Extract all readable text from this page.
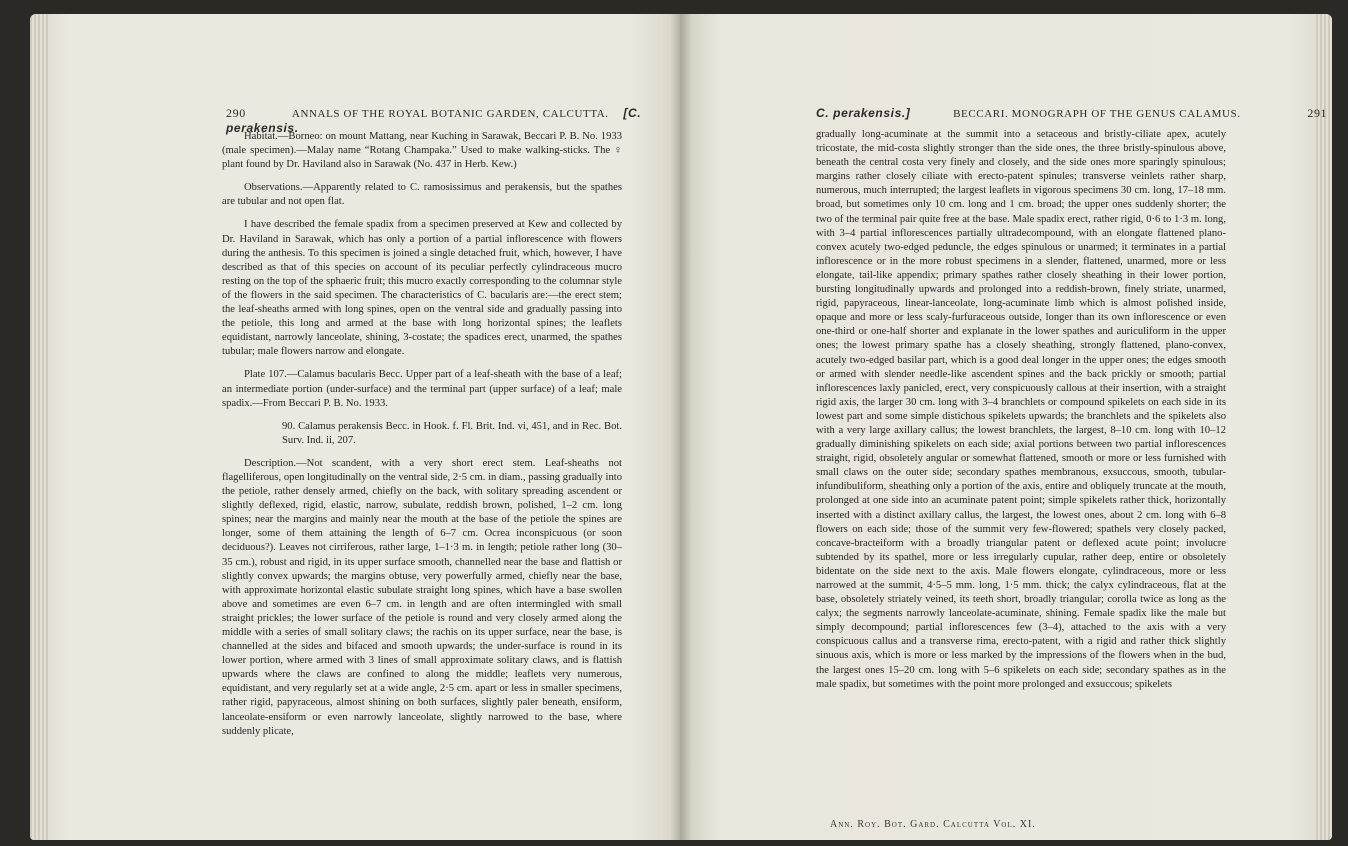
290	ANNALS OF THE ROYAL BOTANIC GARDEN, CALCUTTA. [C. perakensis.

Habitat.—Borneo: on mount Mattang, near Kuching in Sarawak, Beccari P. B. No. 1933 (male specimen).—Malay name “Rotang Champaka.” Used to make walking-sticks. The ♀ plant found by Dr. Haviland also in Sarawak (No. 437 in Herb. Kew.)

Observations.—Apparently related to C. ramosissimus and perakensis, but the spathes are tubular and not open flat.

I have described the female spadix from a specimen preserved at Kew and collected by Dr. Haviland in Sarawak, which has only a portion of a partial inflorescence with flowers during the anthesis. To this specimen is joined a single detached fruit, which, however, I have described as that of this species on account of its peculiar perfectly cylindraceous mucro resting on the top of the sphaeric fruit; this mucro exactly corresponding to the columnar style of the flowers in the said specimen. The characteristics of C. bacularis are:—the erect stem; the leaf-sheaths armed with long spines, open on the ventral side and gradually passing into the petiole, this long and armed at the base with long horizontal spines; the leaflets equidistant, narrowly lanceolate, shining, 3-costate; the spadices erect, unarmed, the spathes tubular; male flowers narrow and elongate.

Plate 107.—Calamus bacularis Becc. Upper part of a leaf-sheath with the base of a leaf; an intermediate portion (under-surface) and the terminal part (upper surface) of a leaf; male spadix.—From Beccari P. B. No. 1933.

90. Calamus perakensis Becc. in Hook. f. Fl. Brit. Ind. vi, 451, and in Rec. Bot. Surv. Ind. ii, 207.

Description.—Not scandent, with a very short erect stem. Leaf-sheaths not flagelliferous, open longitudinally on the ventral side, 2·5 cm. in diam., passing gradually into the petiole, rather densely armed, chiefly on the back, with solitary spreading ascendent or slightly deflexed, rigid, elastic, narrow, subulate, reddish brown, polished, 1–2 cm. long spines; near the margins and mainly near the mouth at the base of the petiole the spines are longer, some of them attaining the length of 6–7 cm. Ocrea inconspicuous (or soon deciduous?). Leaves not cirriferous, rather large, 1–1·3 m. in length; petiole rather long (30–35 cm.), robust and rigid, in its upper surface smooth, channelled near the base and flattish or slightly convex upwards; the margins obtuse, very powerfully armed, chiefly near the base, with approximate horizontal elastic subulate straight long spines, which have a base swollen above and sometimes are even 6–7 cm. in length and are often intermingled with small straight prickles; the lower surface of the petiole is round and very closely armed along the middle with a series of small solitary claws; the rachis on its upper surface, near the base, is channelled at the sides and bifaced and smooth upwards; the under-surface is round in its lower portion, where armed with 3 lines of small approximate solitary claws, and is flattish upwards where the claws are confined to along the middle; leaflets very numerous, equidistant, and very regularly set at a wide angle, 2·5 cm. apart or less in smaller specimens, rather rigid, papyraceous, almost shining on both surfaces, slightly paler beneath, ensiform, lanceolate-ensiform or even narrowly lanceolate, slightly narrowed to the base, where suddenly plicate,

C. perakensis.]	BECCARI. MONOGRAPH OF THE GENUS CALAMUS.	291

gradually long-acuminate at the summit into a setaceous and bristly-ciliate apex, acutely tricostate, the mid-costa slightly stronger than the side ones, the three bristly-spinulous above, beneath the central costa very finely and closely, and the side ones more sparingly spinulous; margins rather closely ciliate with erecto-patent spinules; transverse veinlets rather sharp, numerous, much interrupted; the largest leaflets in vigorous specimens 30 cm. long, 17–18 mm. broad, but sometimes only 10 cm. long and 1 cm. broad; the upper ones suddenly shorter; the two of the terminal pair quite free at the base. Male spadix erect, rather rigid, 0·6 to 1·3 m. long, with 3–4 partial inflorescences partially ultradecompound, with an elongate flattened plano-convex acutely two-edged peduncle, the edges spinulous or unarmed; it terminates in a partial inflorescence or in the more robust specimens in a slender, flattened, unarmed, more or less elongate, tail-like appendix; primary spathes rather closely sheathing in their lower portion, bursting longitudinally upwards and prolonged into a reddish-brown, finely striate, unarmed, rigid, papyraceous, linear-lanceolate, long-acuminate limb which is almost polished inside, opaque and more or less scaly-furfuraceous outside, longer than its own inflorescence or even one-third or one-half shorter and explanate in the lower spathes and auriculiform in the upper ones; the lowest primary spathe has a closely sheathing, strongly flattened, plano-convex, acutely two-edged basilar part, which is a good deal longer in the upper ones; the edges smooth or armed with slender needle-like ascendent spines and the back prickly or smooth; partial inflorescences laxly panicled, erect, very conspicuously callous at their insertion, with a straight rigid axis, the larger 30 cm. long with 3–4 branchlets or compound spikelets on each side in its lowest part and some simple distichous spikelets upwards; the branchlets and the spikelets also with a very large axillary callus; the lowest branchlets, the largest, 8–10 cm. long with 10–12 gradually diminishing spikelets on each side; axial portions between two partial inflorescences straight, rigid, obsoletely angular or somewhat flattened, smooth or more or less furnished with small claws on the outer side; secondary spathes membranous, exsuccous, smooth, tubular-infundibuliform, sheathing only a portion of the axis, entire and obliquely truncate at the mouth, prolonged at one side into an acuminate patent point; simple spikelets rather thick, horizontally inserted with a distinct axillary callus, the largest, the lowest ones, about 2 cm. long with 6–8 flowers on each side; those of the summit very few-flowered; spathels very closely packed, concave-bracteiform with a broadly triangular patent or deflexed acute point; involucre subtended by its spathel, more or less irregularly cupular, rather deep, entire or obsoletely bidentate on the side next to the axis. Male flowers elongate, cylindraceous, more or less narrowed at the summit, 4·5–5 mm. long, 1·5 mm. thick; the calyx cylindraceous, flat at the base, obsoletely striately veined, its teeth short, broadly triangular; corolla twice as long as the calyx; the segments narrowly lanceolate-acuminate, shining. Female spadix like the male but simply decompound; partial inflorescences few (3–4), attached to the axis with a very conspicuous callus and a transverse rima, erecto-patent, with a rigid and rather thick slightly sinuous axis, which is more or less marked by the impressions of the flowers when in the bud, the largest ones 15–20 cm. long with 5–6 spikelets on each side; secondary spathes as in the male spadix, but sometimes with the point more prolonged and exsuccous; spikelets

Ann. Roy. Bot. Gard. Calcutta Vol. XI.
